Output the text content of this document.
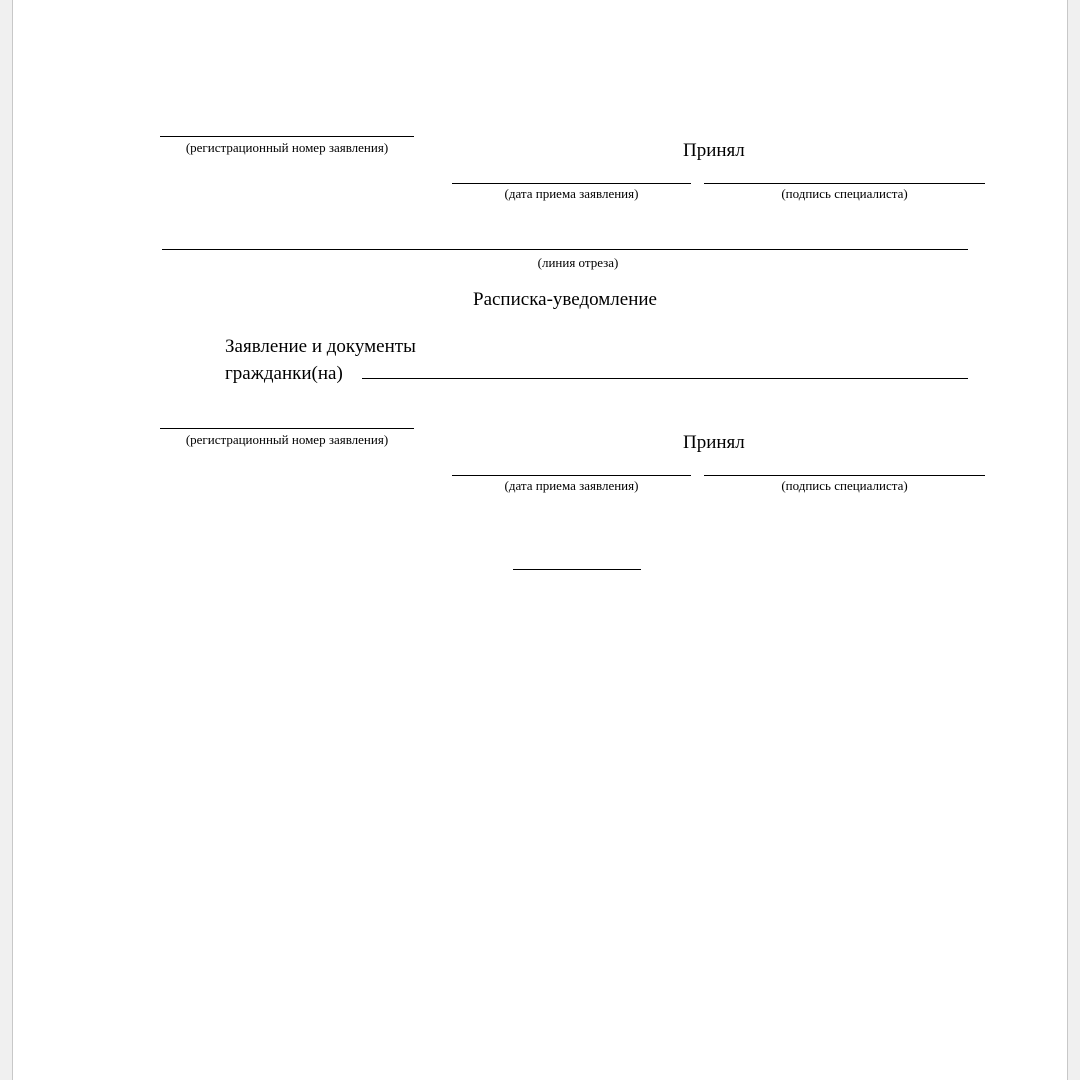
(регистрационный номер заявления)	Принял
(дата приема заявления)	(подпись специалиста)
(линия отреза)
Расписка-уведомление
Заявление и документы
гражданки(на)
(регистрационный номер заявления)	Принял
(дата приема заявления)	(подпись специалиста)
